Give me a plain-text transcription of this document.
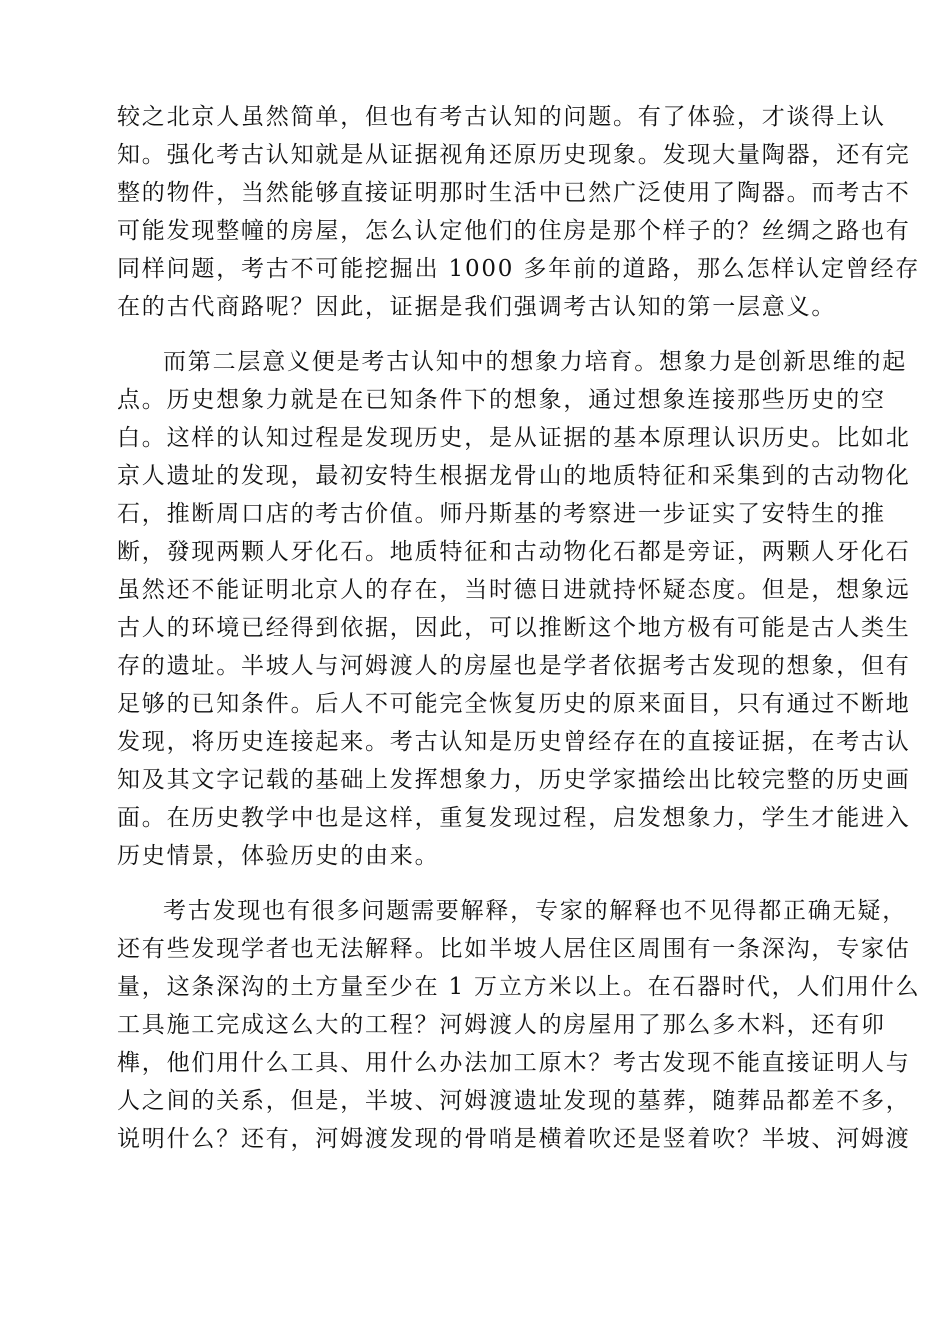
较之北京人虽然简单，但也有考古认知的问题。有了体验，才谈得上认
知。强化考古认知就是从证据视角还原历史现象。发现大量陶器，还有完
整的物件，当然能够直接证明那时生活中已然广泛使用了陶器。而考古不
可能发现整幢的房屋，怎么认定他们的住房是那个样子的？丝绸之路也有
同样问题，考古不可能挖掘出 1000 多年前的道路，那么怎样认定曾经存
在的古代商路呢？因此，证据是我们强调考古认知的第一层意义。
而第二层意义便是考古认知中的想象力培育。想象力是创新思维的起
点。历史想象力就是在已知条件下的想象，通过想象连接那些历史的空
白。这样的认知过程是发现历史，是从证据的基本原理认识历史。比如北
京人遗址的发现，最初安特生根据龙骨山的地质特征和采集到的古动物化
石，推断周口店的考古价值。师丹斯基的考察进一步证实了安特生的推
断，發现两颗人牙化石。地质特征和古动物化石都是旁证，两颗人牙化石
虽然还不能证明北京人的存在，当时德日进就持怀疑态度。但是，想象远
古人的环境已经得到依据，因此，可以推断这个地方极有可能是古人类生
存的遗址。半坡人与河姆渡人的房屋也是学者依据考古发现的想象，但有
足够的已知条件。后人不可能完全恢复历史的原来面目，只有通过不断地
发现，将历史连接起来。考古认知是历史曾经存在的直接证据，在考古认
知及其文字记载的基础上发挥想象力，历史学家描绘出比较完整的历史画
面。在历史教学中也是这样，重复发现过程，启发想象力，学生才能进入
历史情景，体验历史的由来。
考古发现也有很多问题需要解释，专家的解释也不见得都正确无疑，
还有些发现学者也无法解释。比如半坡人居住区周围有一条深沟，专家估
量，这条深沟的土方量至少在 1 万立方米以上。在石器时代，人们用什么
工具施工完成这么大的工程？河姆渡人的房屋用了那么多木料，还有卯
榫，他们用什么工具、用什么办法加工原木？考古发现不能直接证明人与
人之间的关系，但是，半坡、河姆渡遗址发现的墓葬，随葬品都差不多，
说明什么？还有，河姆渡发现的骨哨是横着吹还是竖着吹？半坡、河姆渡
